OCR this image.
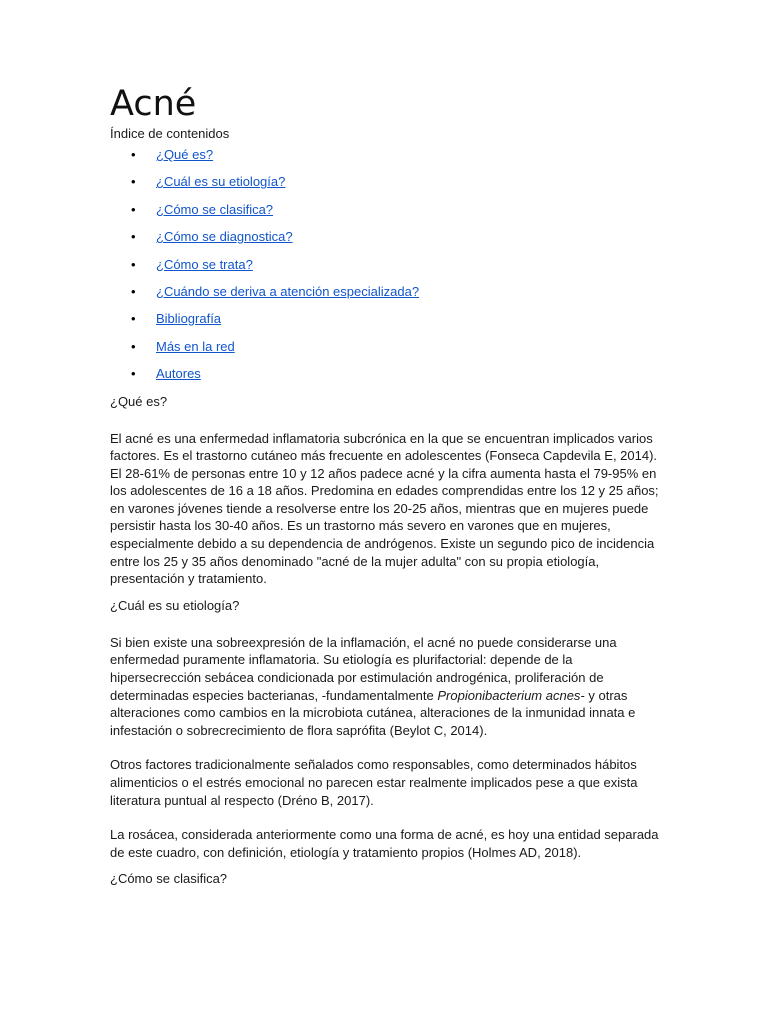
Acné

Índice de contenidos

• ¿Qué es?
• ¿Cuál es su etiología?
• ¿Cómo se clasifica?
• ¿Cómo se diagnostica?
• ¿Cómo se trata?
• ¿Cuándo se deriva a atención especializada?
• Bibliografía
• Más en la red
• Autores

¿Qué es?

El acné es una enfermedad inflamatoria subcrónica en la que se encuentran implicados varios factores. Es el trastorno cutáneo más frecuente en adolescentes (Fonseca Capdevila E, 2014). El 28-61% de personas entre 10 y 12 años padece acné y la cifra aumenta hasta el 79-95% en los adolescentes de 16 a 18 años. Predomina en edades comprendidas entre los 12 y 25 años; en varones jóvenes tiende a resolverse entre los 20-25 años, mientras que en mujeres puede persistir hasta los 30-40 años. Es un trastorno más severo en varones que en mujeres, especialmente debido a su dependencia de andrógenos. Existe un segundo pico de incidencia entre los 25 y 35 años denominado "acné de la mujer adulta" con su propia etiología, presentación y tratamiento.

¿Cuál es su etiología?

Si bien existe una sobreexpresión de la inflamación, el acné no puede considerarse una enfermedad puramente inflamatoria. Su etiología es plurifactorial: depende de la hipersecrección sebácea condicionada por estimulación androgénica, proliferación de determinadas especies bacterianas, -fundamentalmente Propionibacterium acnes- y otras alteraciones como cambios en la microbiota cutánea, alteraciones de la inmunidad innata e infestación o sobrecrecimiento de flora saprófita (Beylot C, 2014).

Otros factores tradicionalmente señalados como responsables, como determinados hábitos alimenticios o el estrés emocional no parecen estar realmente implicados pese a que exista literatura puntual al respecto (Dréno B, 2017).

La rosácea, considerada anteriormente como una forma de acné, es hoy una entidad separada de este cuadro, con definición, etiología y tratamiento propios (Holmes AD, 2018).

¿Cómo se clasifica?
